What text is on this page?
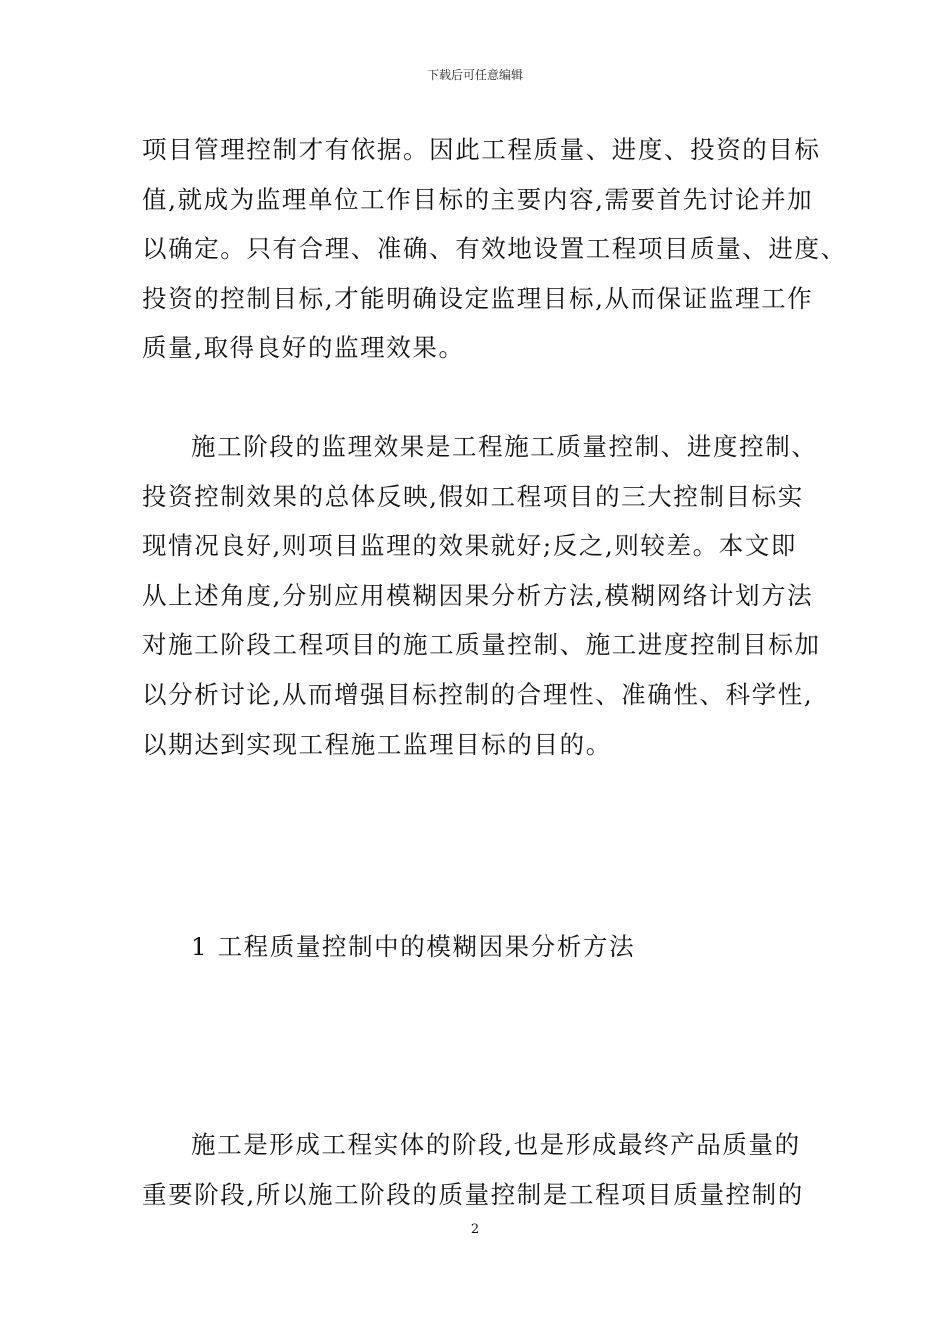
下载后可任意编辑
项目管理控制才有依据。因此工程质量、进度、投资的目标
值,就成为监理单位工作目标的主要内容,需要首先讨论并加
以确定。只有合理、准确、有效地设置工程项目质量、进度、
投资的控制目标,才能明确设定监理目标,从而保证监理工作
质量,取得良好的监理效果。
施工阶段的监理效果是工程施工质量控制、进度控制、
投资控制效果的总体反映,假如工程项目的三大控制目标实
现情况良好,则项目监理的效果就好;反之,则较差。本文即
从上述角度,分别应用模糊因果分析方法,模糊网络计划方法
对施工阶段工程项目的施工质量控制、施工进度控制目标加
以分析讨论,从而增强目标控制的合理性、准确性、科学性,
以期达到实现工程施工监理目标的目的。
1 工程质量控制中的模糊因果分析方法
施工是形成工程实体的阶段,也是形成最终产品质量的
重要阶段,所以施工阶段的质量控制是工程项目质量控制的
2
